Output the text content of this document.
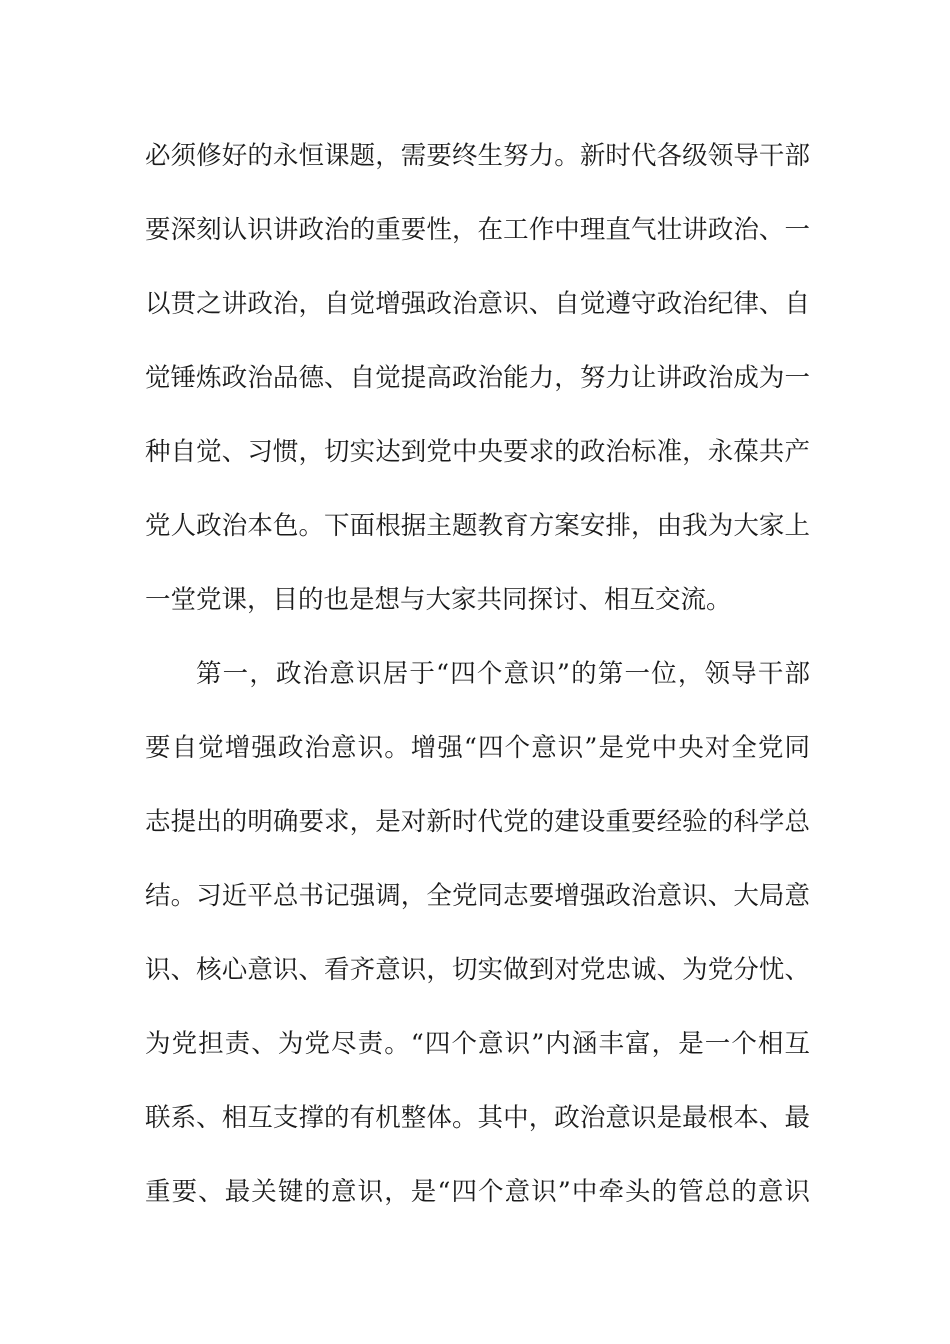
必须修好的永恒课题，需要终生努力。新时代各级领导干部
要深刻认识讲政治的重要性，在工作中理直气壮讲政治、一
以贯之讲政治，自觉增强政治意识、自觉遵守政治纪律、自
觉锤炼政治品德、自觉提高政治能力，努力让讲政治成为一
种自觉、习惯，切实达到党中央要求的政治标准，永葆共产
党人政治本色。下面根据主题教育方案安排，由我为大家上
一堂党课，目的也是想与大家共同探讨、相互交流。
第一，政治意识居于“四个意识”的第一位，领导干部
要自觉增强政治意识。增强“四个意识”是党中央对全党同
志提出的明确要求，是对新时代党的建设重要经验的科学总
结。习近平总书记强调，全党同志要增强政治意识、大局意
识、核心意识、看齐意识，切实做到对党忠诚、为党分忧、
为党担责、为党尽责。“四个意识”内涵丰富，是一个相互
联系、相互支撑的有机整体。其中，政治意识是最根本、最
重要、最关键的意识，是“四个意识”中牵头的管总的意识
